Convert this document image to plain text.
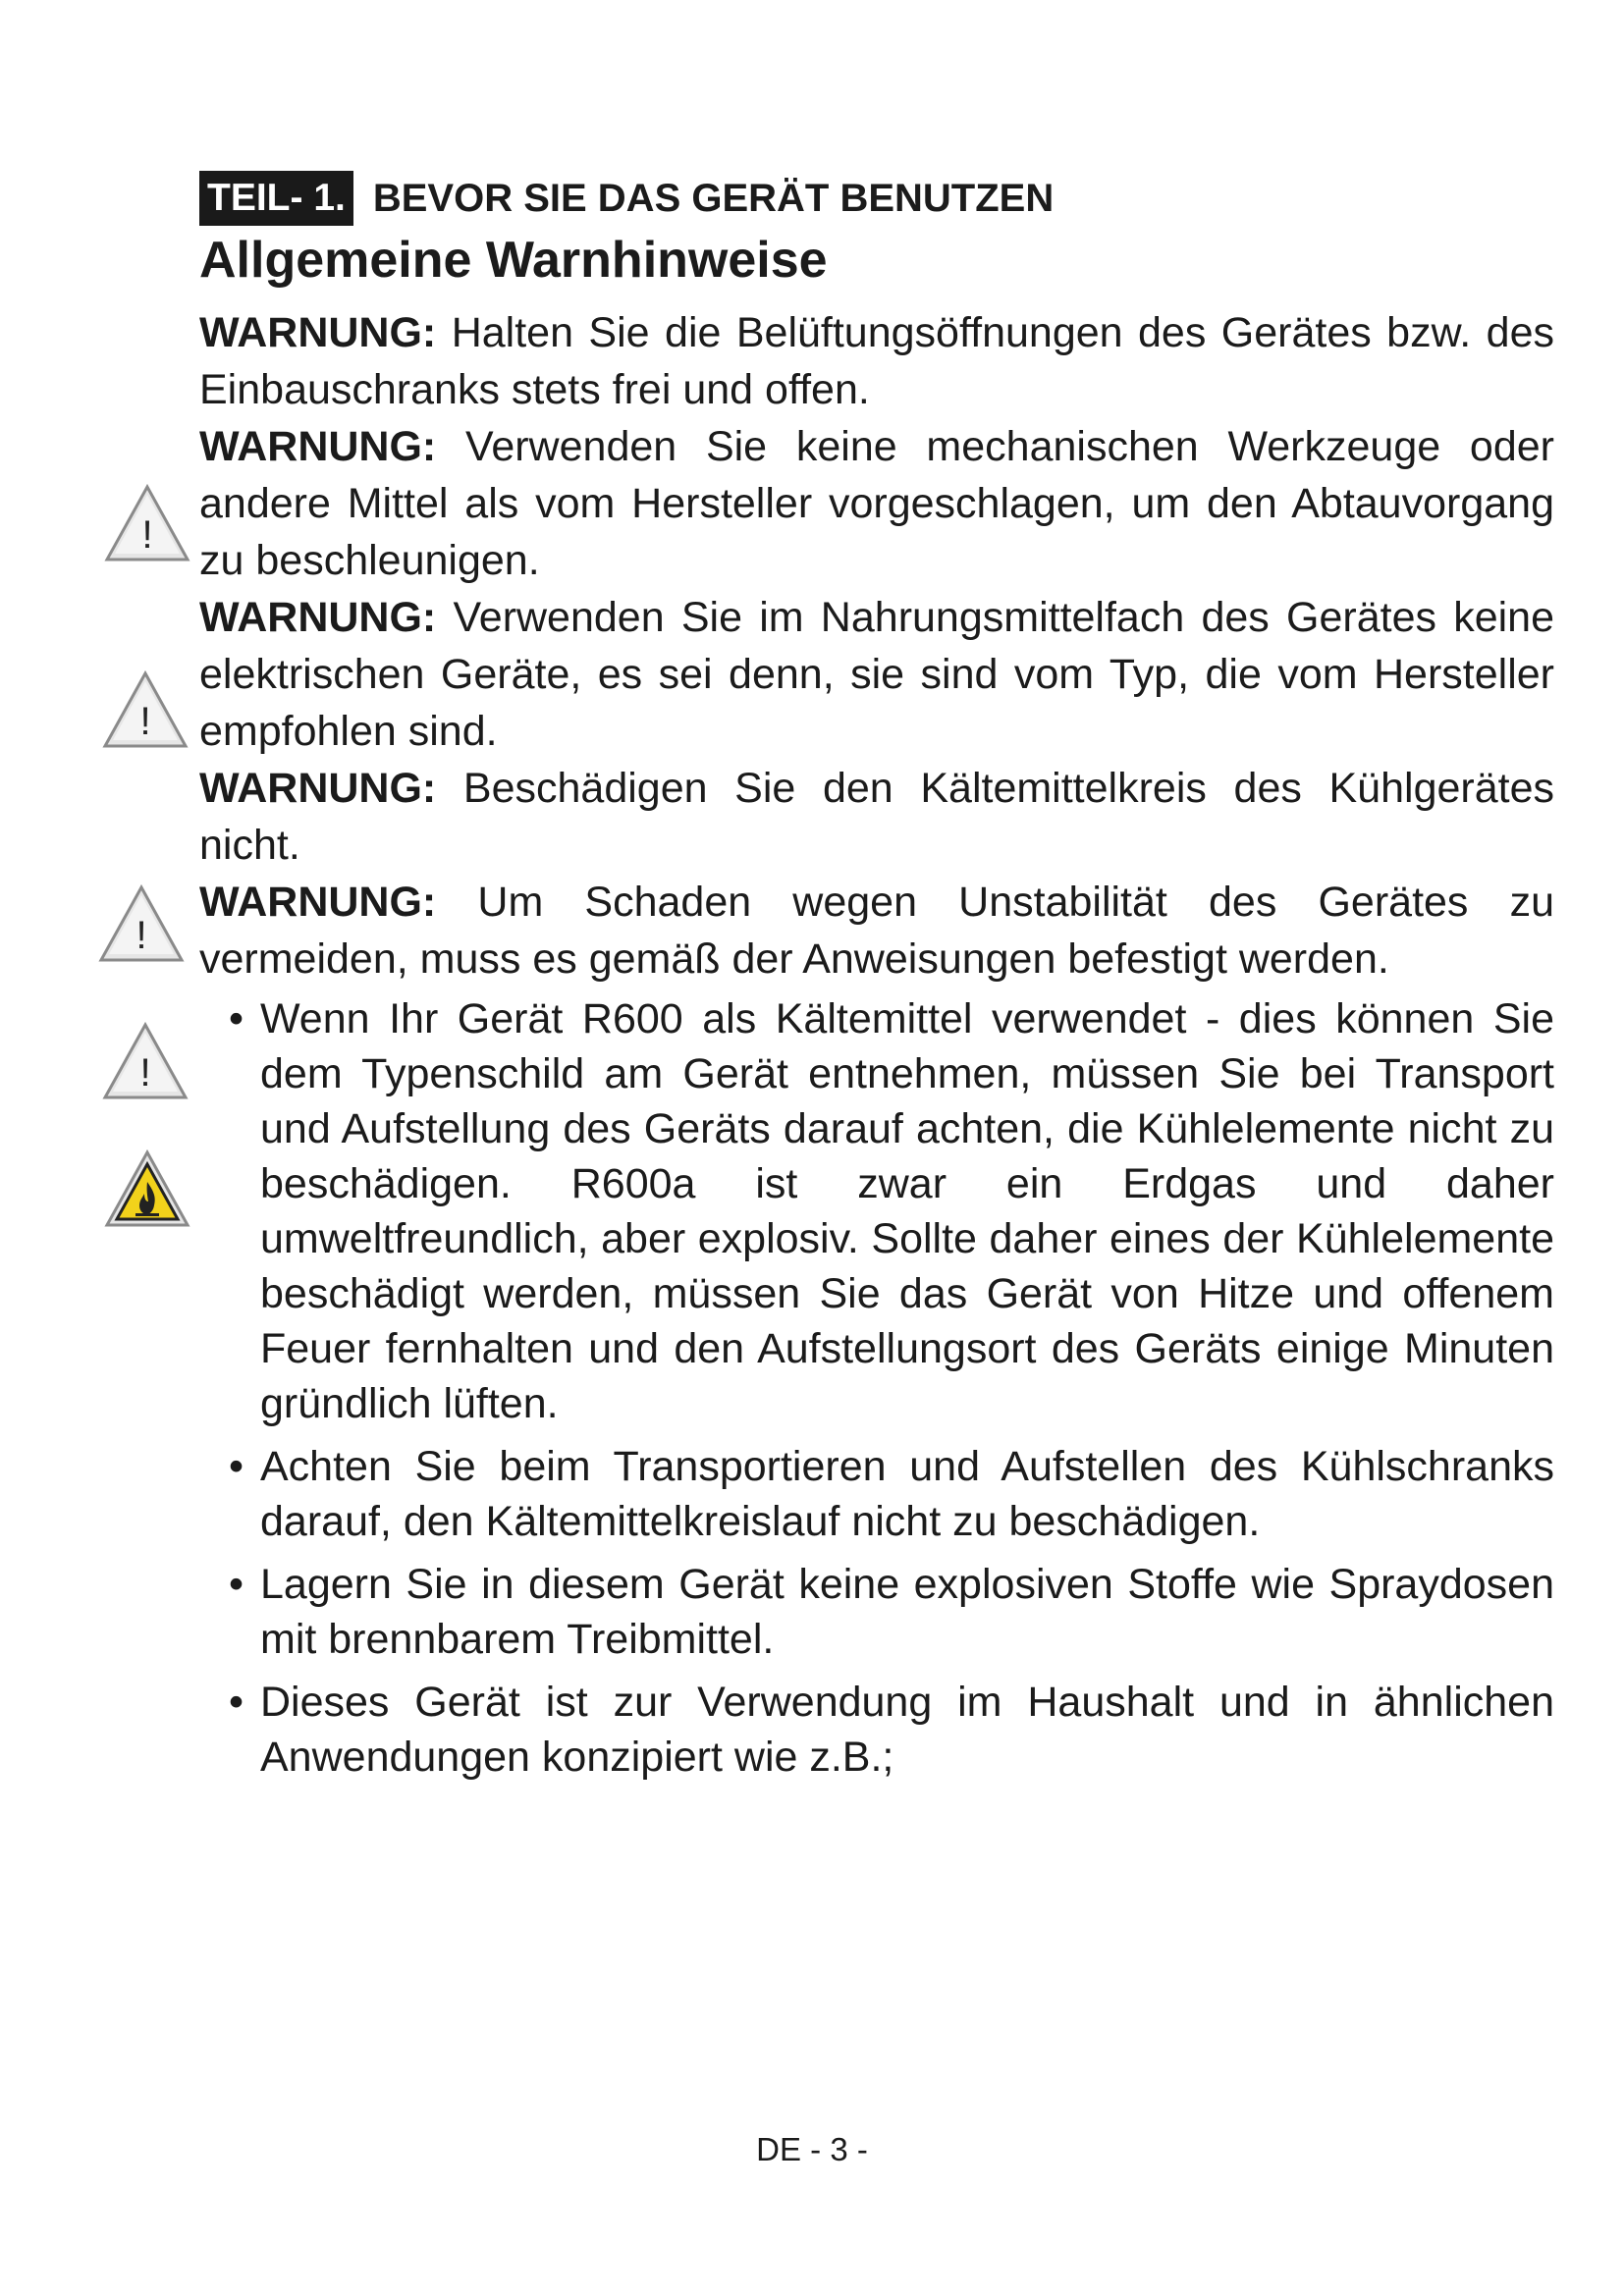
TEIL- 1. BEVOR SIE DAS GERÄT BENUTZEN
Allgemeine Warnhinweise
!
!
!
!

WARNUNG: Halten Sie die Belüftungsöffnungen des Gerätes bzw. des Einbauschranks stets frei und offen.

WARNUNG: Verwenden Sie keine mechanischen Werkzeuge oder andere Mittel als vom Hersteller vorgeschlagen, um den Abtauvorgang zu beschleunigen.

WARNUNG: Verwenden Sie im Nahrungsmittelfach des Gerätes keine elektrischen Geräte, es sei denn, sie sind vom Typ, die vom Hersteller empfohlen sind.

WARNUNG: Beschädigen Sie den Kältemittelkreis des Kühlgerätes nicht.

WARNUNG: Um Schaden wegen Unstabilität des Gerätes zu vermeiden, muss es gemäß der Anweisungen befestigt werden.

• Wenn Ihr Gerät R600 als Kältemittel verwendet - dies können Sie dem Typenschild am Gerät entnehmen, müssen Sie bei Transport und Aufstellung des Geräts darauf achten, die Kühlelemente nicht zu beschädigen. R600a ist zwar ein Erdgas und daher umweltfreundlich, aber explosiv. Sollte daher eines der Kühlelemente beschädigt werden, müssen Sie das Gerät von Hitze und offenem Feuer fernhalten und den Aufstellungsort des Geräts einige Minuten gründlich lüften.
• Achten Sie beim Transportieren und Aufstellen des Kühlschranks darauf, den Kältemittelkreislauf nicht zu beschädigen.
• Lagern Sie in diesem Gerät keine explosiven Stoffe wie Spraydosen mit brennbarem Treibmittel.
• Dieses Gerät ist zur Verwendung im Haushalt und in ähnlichen Anwendungen konzipiert wie z.B.;
DE - 3 -
